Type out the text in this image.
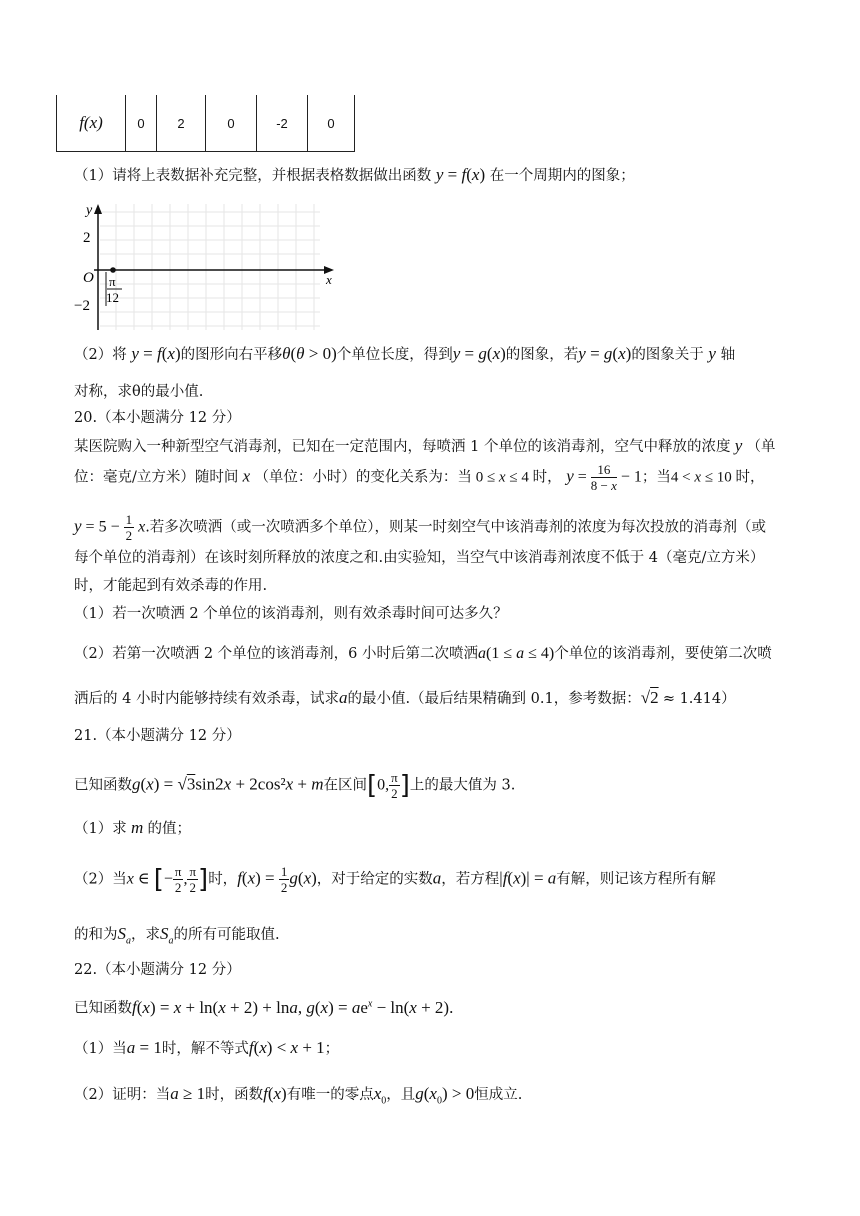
f(x)	0	2	0	-2	0
（1）请将上表数据补充完整，并根据表格数据做出函数 y = f(x) 在一个周期内的图象；
y
x
2
O
−2
π
12
（2）将 y = f(x)的图形向右平移θ(θ > 0)个单位长度，得到y = g(x)的图象，若y = g(x)的图象关于 y 轴
对称，求θ的最小值.
20.（本小题满分 12 分）
某医院购入一种新型空气消毒剂，已知在一定范围内，每喷洒 1 个单位的该消毒剂，空气中释放的浓度 y （单
位：毫克/立方米）随时间 x （单位：小时）的变化关系为：当 0 ≤ x ≤ 4 时， $y = \frac{16}{8 - x} - 1$；当4 < x ≤ 10 时，
$y = 5 - \frac{1}{2} x$.若多次喷洒（或一次喷洒多个单位），则某一时刻空气中该消毒剂的浓度为每次投放的消毒剂（或
每个单位的消毒剂）在该时刻所释放的浓度之和.由实验知，当空气中该消毒剂浓度不低于 4（毫克/立方米）
时，才能起到有效杀毒的作用.
（1）若一次喷洒 2 个单位的该消毒剂，则有效杀毒时间可达多久？
（2）若第一次喷洒 2 个单位的该消毒剂，6 小时后第二次喷洒a(1 ≤ a ≤ 4)个单位的该消毒剂，要使第二次喷
洒后的 4 小时内能够持续有效杀毒，试求a的最小值.（最后结果精确到 0.1，参考数据：√2 ≈ 1.414）
21.（本小题满分 12 分）
已知函数g(x) = √3sin2x + 2cos²x + m在区间[0, $\frac{\pi}{2}$ ]上的最大值为 3.
（1）求 m 的值；
（2）当x ∈ [− $\frac{\pi}{2}$ , $\frac{\pi}{2}$ ]时，$f(x) = \frac{1}{2} g(x)$，对于给定的实数a，若方程|f(x)| = a有解，则记该方程所有解
的和为$S_a$，求$S_a$的所有可能取值.
22.（本小题满分 12 分）
已知函数f(x) = x + ln(x + 2) + lna, $g(x) = ae^x - \ln(x + 2)$.
（1）当a = 1时，解不等式f(x) < x + 1；
（2）证明：当a ≥ 1时，函数f(x)有唯一的零点$x_0$，且$g(x_0) > 0$恒成立.
